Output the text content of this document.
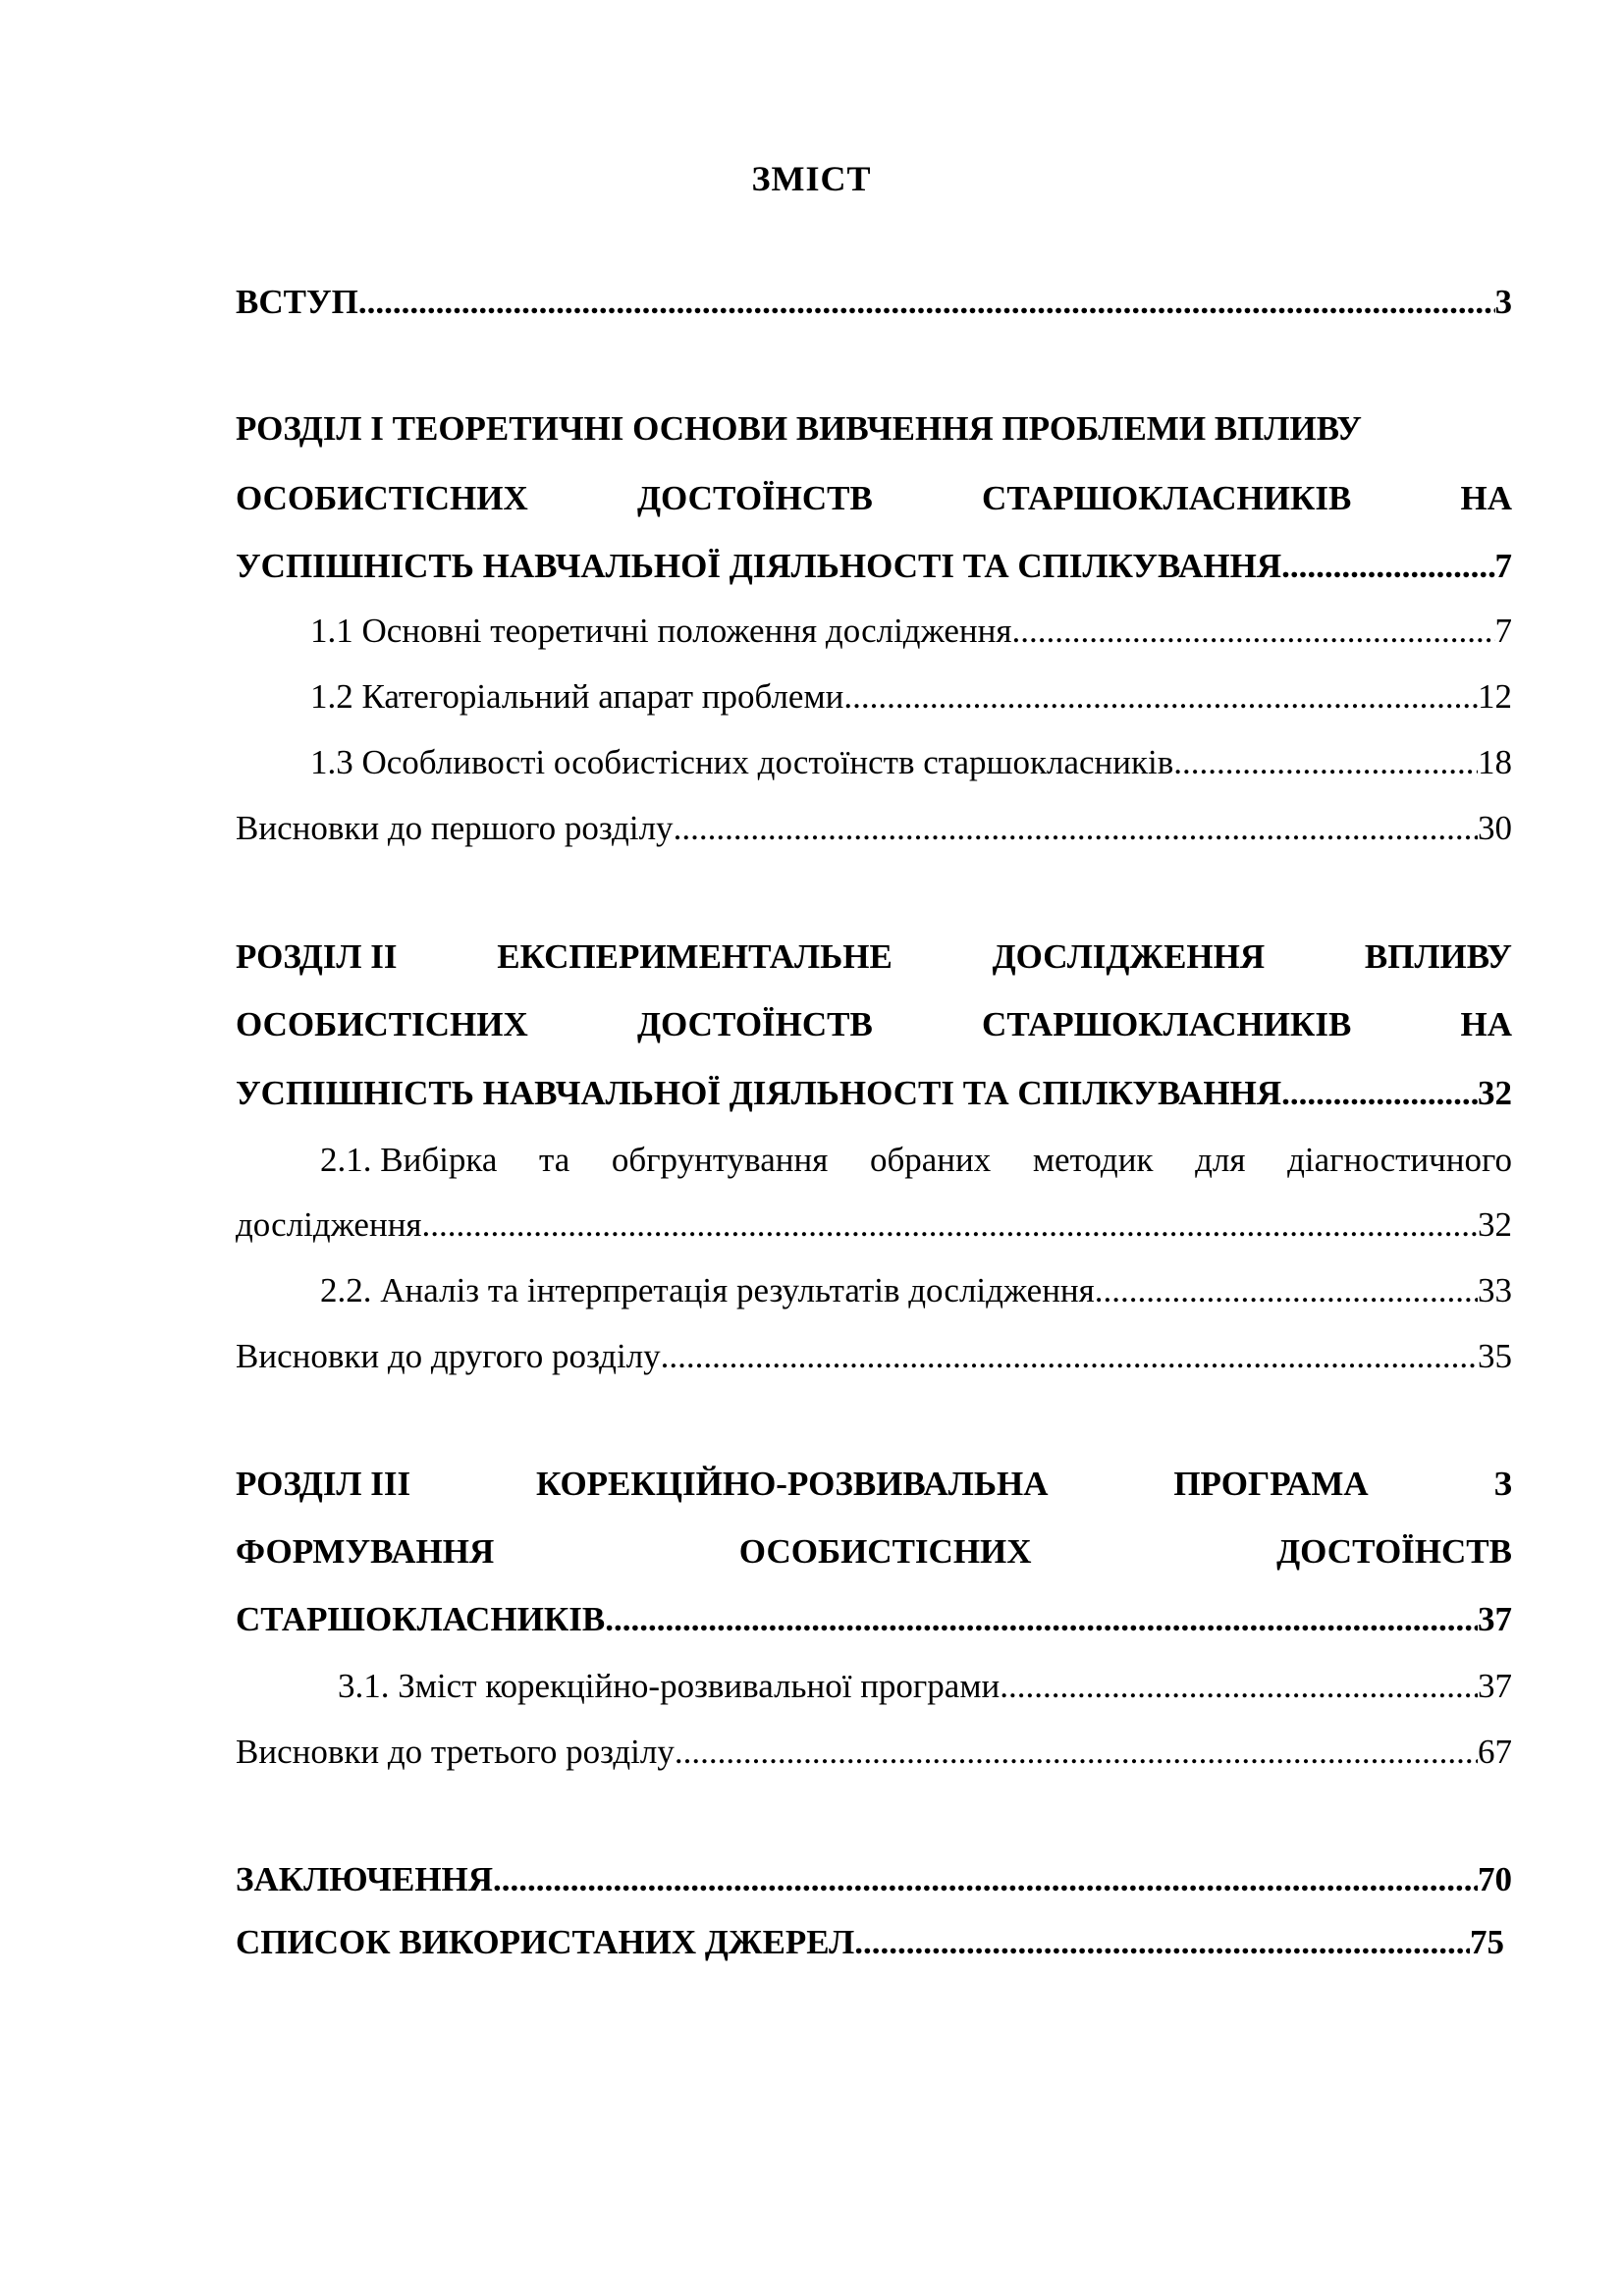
ЗМІСТ
ВСТУП .....	3
РОЗДІЛ І ТЕОРЕТИЧНІ ОСНОВИ ВИВЧЕННЯ ПРОБЛЕМИ ВПЛИВУ
ОСОБИСТІСНИХ	ДОСТОЇНСТВ	СТАРШОКЛАСНИКІВ	НА
УСПІШНІСТЬ НАВЧАЛЬНОЇ ДІЯЛЬНОСТІ ТА СПІЛКУВАННЯ .....	7
1.1 Основні теоретичні положення дослідження .....	7
1.2 Категоріальний апарат проблеми .....	12
1.3 Особливості особистісних достоїнств старшокласників .....	18
Висновки до першого розділу .....	30
РОЗДІЛ ІІ	ЕКСПЕРИМЕНТАЛЬНЕ	ДОСЛІДЖЕННЯ	ВПЛИВУ
ОСОБИСТІСНИХ	ДОСТОЇНСТВ	СТАРШОКЛАСНИКІВ	НА
УСПІШНІСТЬ НАВЧАЛЬНОЇ ДІЯЛЬНОСТІ ТА СПІЛКУВАННЯ .....	32
2.1. Вибірка та обгрунтування обраних методик для діагностичного
дослідження .....	32
2.2. Аналіз та інтерпретація результатів дослідження .....	33
Висновки до другого розділу .....	35
РОЗДІЛ ІІІ	КОРЕКЦІЙНО-РОЗВИВАЛЬНА	ПРОГРАМА	З
ФОРМУВАННЯ	ОСОБИСТІСНИХ	ДОСТОЇНСТВ
СТАРШОКЛАСНИКІВ .....	37
3.1. Зміст корекційно-розвивальної програми .....	37
Висновки до третього розділу .....	67
ЗАКЛЮЧЕННЯ .....	70
СПИСОК ВИКОРИСТАНИХ ДЖЕРЕЛ .....	75
